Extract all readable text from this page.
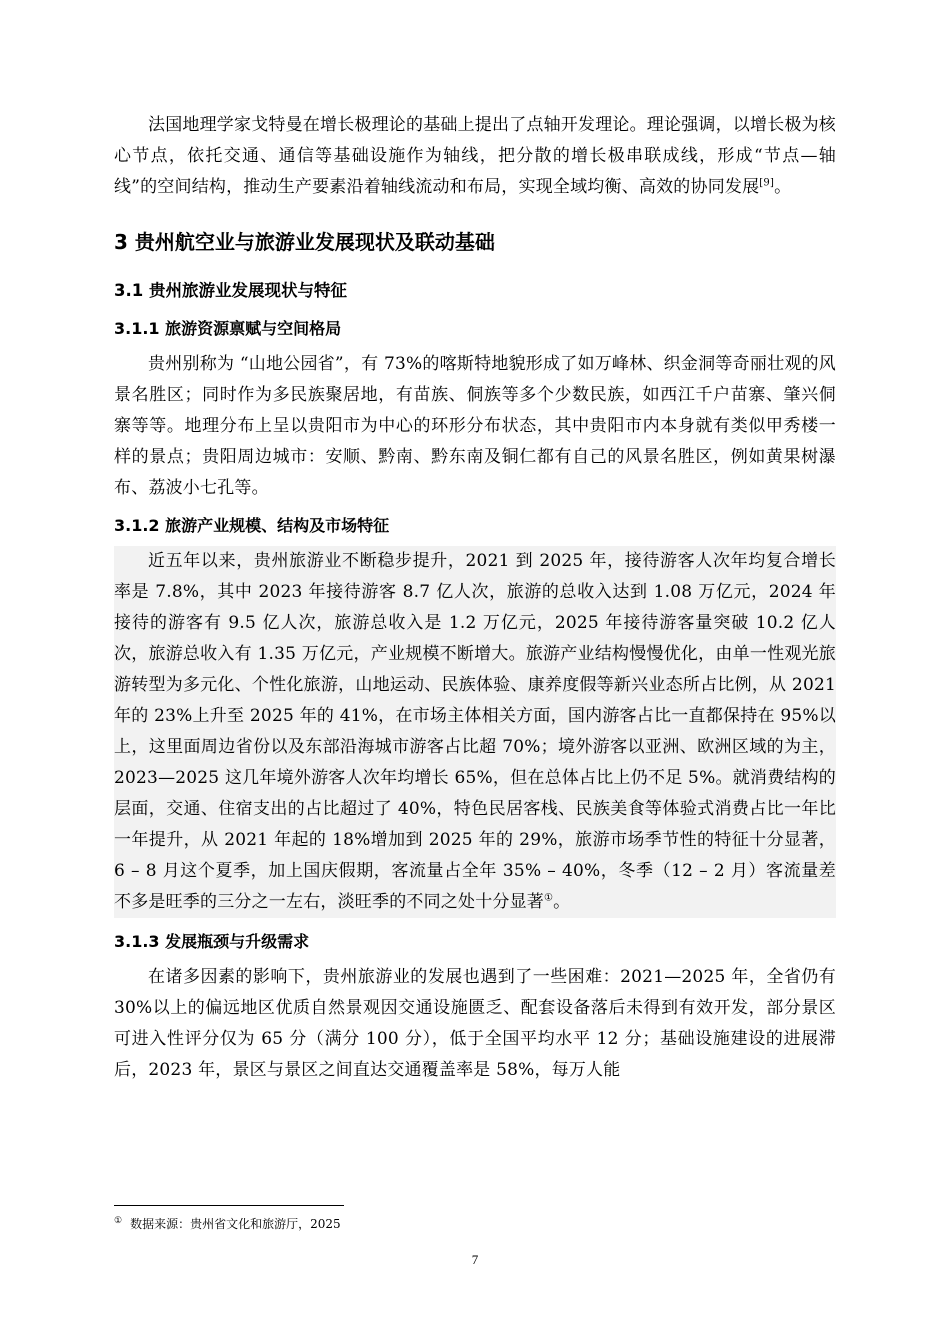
法国地理学家戈特曼在增长极理论的基础上提出了点轴开发理论。理论强调，以增长极为核心节点，依托交通、通信等基础设施作为轴线，把分散的增长极串联成线，形成“节点—轴线”的空间结构，推动生产要素沿着轴线流动和布局，实现全域均衡、高效的协同发展[9]。

3 贵州航空业与旅游业发展现状及联动基础
3.1 贵州旅游业发展现状与特征
3.1.1 旅游资源禀赋与空间格局

贵州别称为 “山地公园省”，有 73%的喀斯特地貌形成了如万峰林、织金洞等奇丽壮观的风景名胜区；同时作为多民族聚居地，有苗族、侗族等多个少数民族，如西江千户苗寨、肇兴侗寨等等。地理分布上呈以贵阳市为中心的环形分布状态，其中贵阳市内本身就有类似甲秀楼一样的景点；贵阳周边城市：安顺、黔南、黔东南及铜仁都有自己的风景名胜区，例如黄果树瀑布、荔波小七孔等。

3.1.2 旅游产业规模、结构及市场特征

近五年以来，贵州旅游业不断稳步提升，2021 到 2025 年，接待游客人次年均复合增长率是 7.8%，其中 2023 年接待游客 8.7 亿人次，旅游的总收入达到 1.08 万亿元，2024 年接待的游客有 9.5 亿人次，旅游总收入是 1.2 万亿元，2025 年接待游客量突破 10.2 亿人次，旅游总收入有 1.35 万亿元，产业规模不断增大。旅游产业结构慢慢优化，由单一性观光旅游转型为多元化、个性化旅游，山地运动、民族体验、康养度假等新兴业态所占比例，从 2021 年的 23%上升至 2025 年的 41%，在市场主体相关方面，国内游客占比一直都保持在 95%以上，这里面周边省份以及东部沿海城市游客占比超 70%；境外游客以亚洲、欧洲区域的为主，2023—2025 这几年境外游客人次年均增长 65%，但在总体占比上仍不足 5%。就消费结构的层面，交通、住宿支出的占比超过了 40%，特色民居客栈、民族美食等体验式消费占比一年比一年提升，从 2021 年起的 18%增加到 2025 年的 29%，旅游市场季节性的特征十分显著，6 – 8 月这个夏季，加上国庆假期，客流量占全年 35% – 40%，冬季（12 – 2 月）客流量差不多是旺季的三分之一左右，淡旺季的不同之处十分显著①。

3.1.3 发展瓶颈与升级需求

在诸多因素的影响下，贵州旅游业的发展也遇到了一些困难：2021—2025 年，全省仍有 30%以上的偏远地区优质自然景观因交通设施匮乏、配套设备落后未得到有效开发，部分景区可进入性评分仅为 65 分（满分 100 分），低于全国平均水平 12 分；基础设施建设的进展滞后，2023 年，景区与景区之间直达交通覆盖率是 58%，每万人能

① 数据来源：贵州省文化和旅游厅，2025
7
